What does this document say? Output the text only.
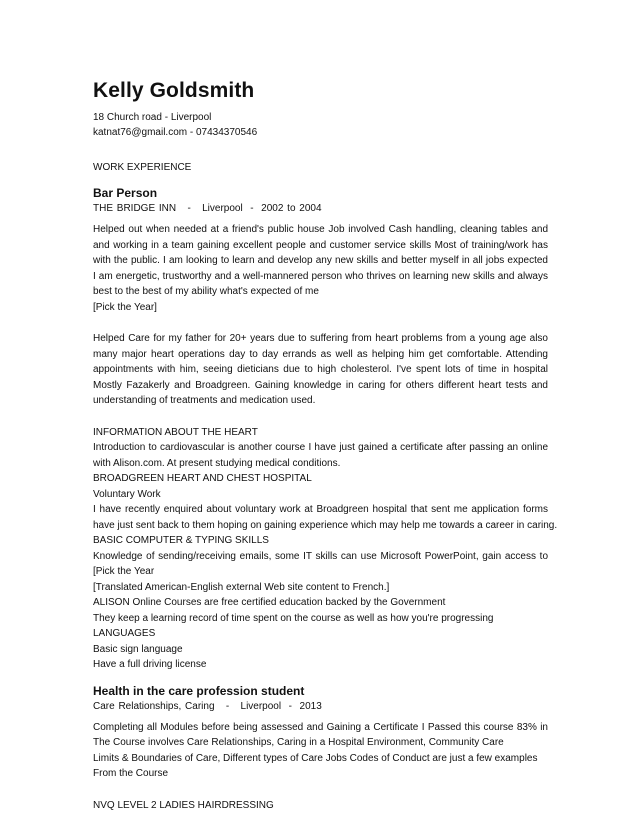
Kelly Goldsmith
18 Church road - Liverpool
katnat76@gmail.com - 07434370546
WORK EXPERIENCE
Bar Person
THE BRIDGE INN   -   Liverpool  -  2002 to 2004
Helped out when needed at a friend's public house Job involved Cash handling, cleaning tables and
and working in a team gaining excellent people and customer service skills Most of training/work has
with the public. I am looking to learn and develop any new skills and better myself in all jobs expected
I am energetic, trustworthy and a well-mannered person who thrives on learning new skills and always
best to the best of my ability what's expected of me
[Pick the Year]
Helped Care for my father for 20+ years due to suffering from heart problems from a young age also
many major heart operations day to day errands as well as helping him get comfortable. Attending
appointments with him, seeing dieticians due to high cholesterol. I've spent lots of time in hospital
Mostly Fazakerly and Broadgreen. Gaining knowledge in caring for others different heart tests and
understanding of treatments and medication used.
INFORMATION ABOUT THE HEART
Introduction to cardiovascular is another course I have just gained a certificate after passing an online
with Alison.com. At present studying medical conditions.
BROADGREEN HEART AND CHEST HOSPITAL
Voluntary Work
I have recently enquired about voluntary work at Broadgreen hospital that sent me application forms
have just sent back to them hoping on gaining experience which may help me towards a career in caring.
BASIC COMPUTER & TYPING SKILLS
Knowledge of sending/receiving emails, some IT skills can use Microsoft PowerPoint, gain access to
[Pick the Year
[Translated American-English external Web site content to French.]
ALISON Online Courses are free certified education backed by the Government
They keep a learning record of time spent on the course as well as how you're progressing
LANGUAGES
Basic sign language
Have a full driving license
Health in the care profession student
Care Relationships, Caring   -   Liverpool  -  2013
Completing all Modules before being assessed and Gaining a Certificate I Passed this course 83% in
The Course involves Care Relationships, Caring in a Hospital Environment, Community Care
Limits & Boundaries of Care, Different types of Care Jobs Codes of Conduct are just a few examples
From the Course
NVQ LEVEL 2 LADIES HAIRDRESSING
